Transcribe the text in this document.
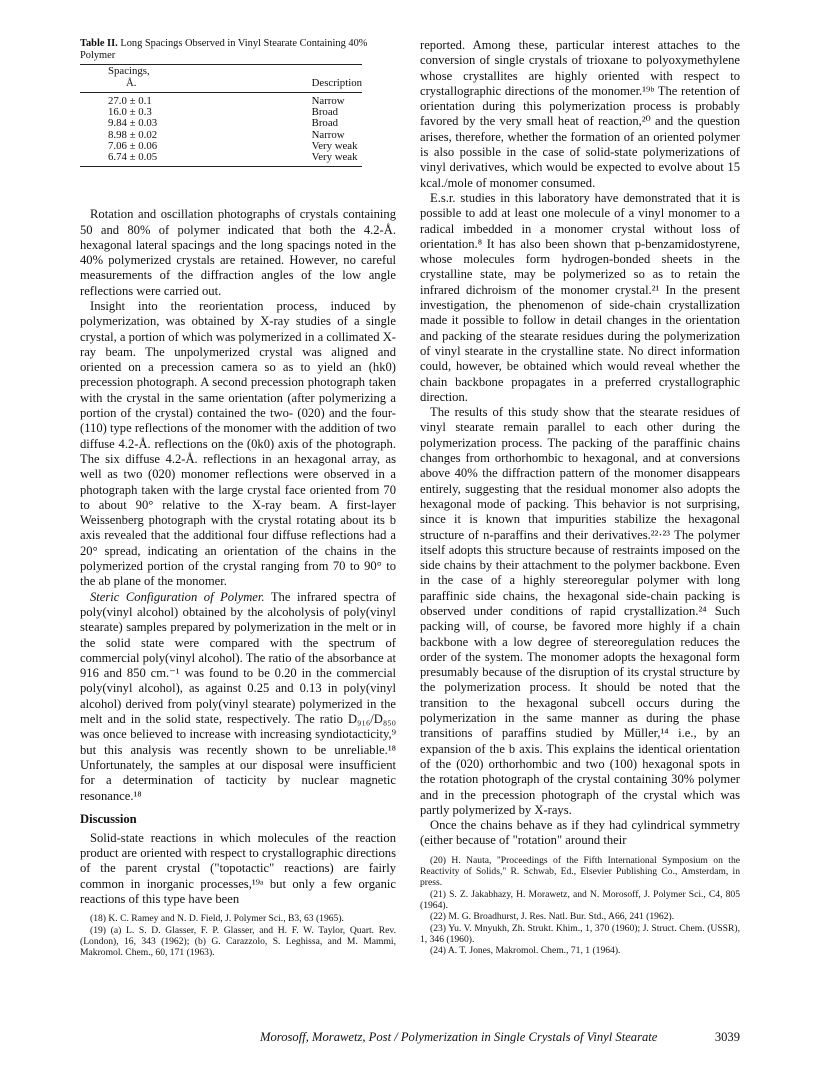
Table II. Long Spacings Observed in Vinyl Stearate Containing 40% Polymer
Spacings,
Å.	Description

27.0 ± 0.1	Narrow
16.0 ± 0.3	Broad
9.84 ± 0.03	Broad
8.98 ± 0.02	Narrow
7.06 ± 0.06	Very weak
6.74 ± 0.05	Very weak

Rotation and oscillation photographs of crystals containing 50 and 80% of polymer indicated that both the 4.2-Å. hexagonal lateral spacings and the long spacings noted in the 40% polymerized crystals are retained. However, no careful measurements of the diffraction angles of the low angle reflections were carried out.

Insight into the reorientation process, induced by polymerization, was obtained by X-ray studies of a single crystal, a portion of which was polymerized in a collimated X-ray beam. The unpolymerized crystal was aligned and oriented on a precession camera so as to yield an (hk0) precession photograph. A second precession photograph taken with the crystal in the same orientation (after polymerizing a portion of the crystal) contained the two- (020) and the four- (110) type reflections of the monomer with the addition of two diffuse 4.2-Å. reflections on the (0k0) axis of the photograph. The six diffuse 4.2-Å. reflections in an hexagonal array, as well as two (020) monomer reflections were observed in a photograph taken with the large crystal face oriented from 70 to about 90° relative to the X-ray beam. A first-layer Weissenberg photograph with the crystal rotating about its b axis revealed that the additional four diffuse reflections had a 20° spread, indicating an orientation of the chains in the polymerized portion of the crystal ranging from 70 to 90° to the ab plane of the monomer.

Steric Configuration of Polymer. The infrared spectra of poly(vinyl alcohol) obtained by the alcoholysis of poly(vinyl stearate) samples prepared by polymerization in the melt or in the solid state were compared with the spectrum of commercial poly(vinyl alcohol). The ratio of the absorbance at 916 and 850 cm.⁻¹ was found to be 0.20 in the commercial poly(vinyl alcohol), as against 0.25 and 0.13 in poly(vinyl alcohol) derived from poly(vinyl stearate) polymerized in the melt and in the solid state, respectively. The ratio D₉₁₆/D₈₅₀ was once believed to increase with increasing syndiotacticity,⁹ but this analysis was recently shown to be unreliable.¹⁸ Unfortunately, the samples at our disposal were insufficient for a determination of tacticity by nuclear magnetic resonance.¹⁸

Discussion

Solid-state reactions in which molecules of the reaction product are oriented with respect to crystallographic directions of the parent crystal ("topotactic" reactions) are fairly common in inorganic processes,¹⁹ᵃ but only a few organic reactions of this type have been

(18) K. C. Ramey and N. D. Field, J. Polymer Sci., B3, 63 (1965).
(19) (a) L. S. D. Glasser, F. P. Glasser, and H. F. W. Taylor, Quart. Rev. (London), 16, 343 (1962); (b) G. Carazzolo, S. Leghissa, and M. Mammi, Makromol. Chem., 60, 171 (1963).

reported. Among these, particular interest attaches to the conversion of single crystals of trioxane to polyoxymethylene whose crystallites are highly oriented with respect to crystallographic directions of the monomer.¹⁹ᵇ The retention of orientation during this polymerization process is probably favored by the very small heat of reaction,²⁰ and the question arises, therefore, whether the formation of an oriented polymer is also possible in the case of solid-state polymerizations of vinyl derivatives, which would be expected to evolve about 15 kcal./mole of monomer consumed.

E.s.r. studies in this laboratory have demonstrated that it is possible to add at least one molecule of a vinyl monomer to a radical imbedded in a monomer crystal without loss of orientation.⁸ It has also been shown that p-benzamidostyrene, whose molecules form hydrogen-bonded sheets in the crystalline state, may be polymerized so as to retain the infrared dichroism of the monomer crystal.²¹ In the present investigation, the phenomenon of side-chain crystallization made it possible to follow in detail changes in the orientation and packing of the stearate residues during the polymerization of vinyl stearate in the crystalline state. No direct information could, however, be obtained which would reveal whether the chain backbone propagates in a preferred crystallographic direction.

The results of this study show that the stearate residues of vinyl stearate remain parallel to each other during the polymerization process. The packing of the paraffinic chains changes from orthorhombic to hexagonal, and at conversions above 40% the diffraction pattern of the monomer disappears entirely, suggesting that the residual monomer also adopts the hexagonal mode of packing. This behavior is not surprising, since it is known that impurities stabilize the hexagonal structure of n-paraffins and their derivatives.²²·²³ The polymer itself adopts this structure because of restraints imposed on the side chains by their attachment to the polymer backbone. Even in the case of a highly stereoregular polymer with long paraffinic side chains, the hexagonal side-chain packing is observed under conditions of rapid crystallization.²⁴ Such packing will, of course, be favored more highly if a chain backbone with a low degree of stereoregulation reduces the order of the system. The monomer adopts the hexagonal form presumably because of the disruption of its crystal structure by the polymerization process. It should be noted that the transition to the hexagonal subcell occurs during the polymerization in the same manner as during the phase transitions of paraffins studied by Müller,¹⁴ i.e., by an expansion of the b axis. This explains the identical orientation of the (020) orthorhombic and two (100) hexagonal spots in the rotation photograph of the crystal containing 30% polymer and in the precession photograph of the crystal which was partly polymerized by X-rays.

Once the chains behave as if they had cylindrical symmetry (either because of "rotation" around their

(20) H. Nauta, "Proceedings of the Fifth International Symposium on the Reactivity of Solids," R. Schwab, Ed., Elsevier Publishing Co., Amsterdam, in press.
(21) S. Z. Jakabhazy, H. Morawetz, and N. Morosoff, J. Polymer Sci., C4, 805 (1964).
(22) M. G. Broadhurst, J. Res. Natl. Bur. Std., A66, 241 (1962).
(23) Yu. V. Mnyukh, Zh. Strukt. Khim., 1, 370 (1960); J. Struct. Chem. (USSR), 1, 346 (1960).
(24) A. T. Jones, Makromol. Chem., 71, 1 (1964).
Morosoff, Morawetz, Post / Polymerization in Single Crystals of Vinyl Stearate	3039
